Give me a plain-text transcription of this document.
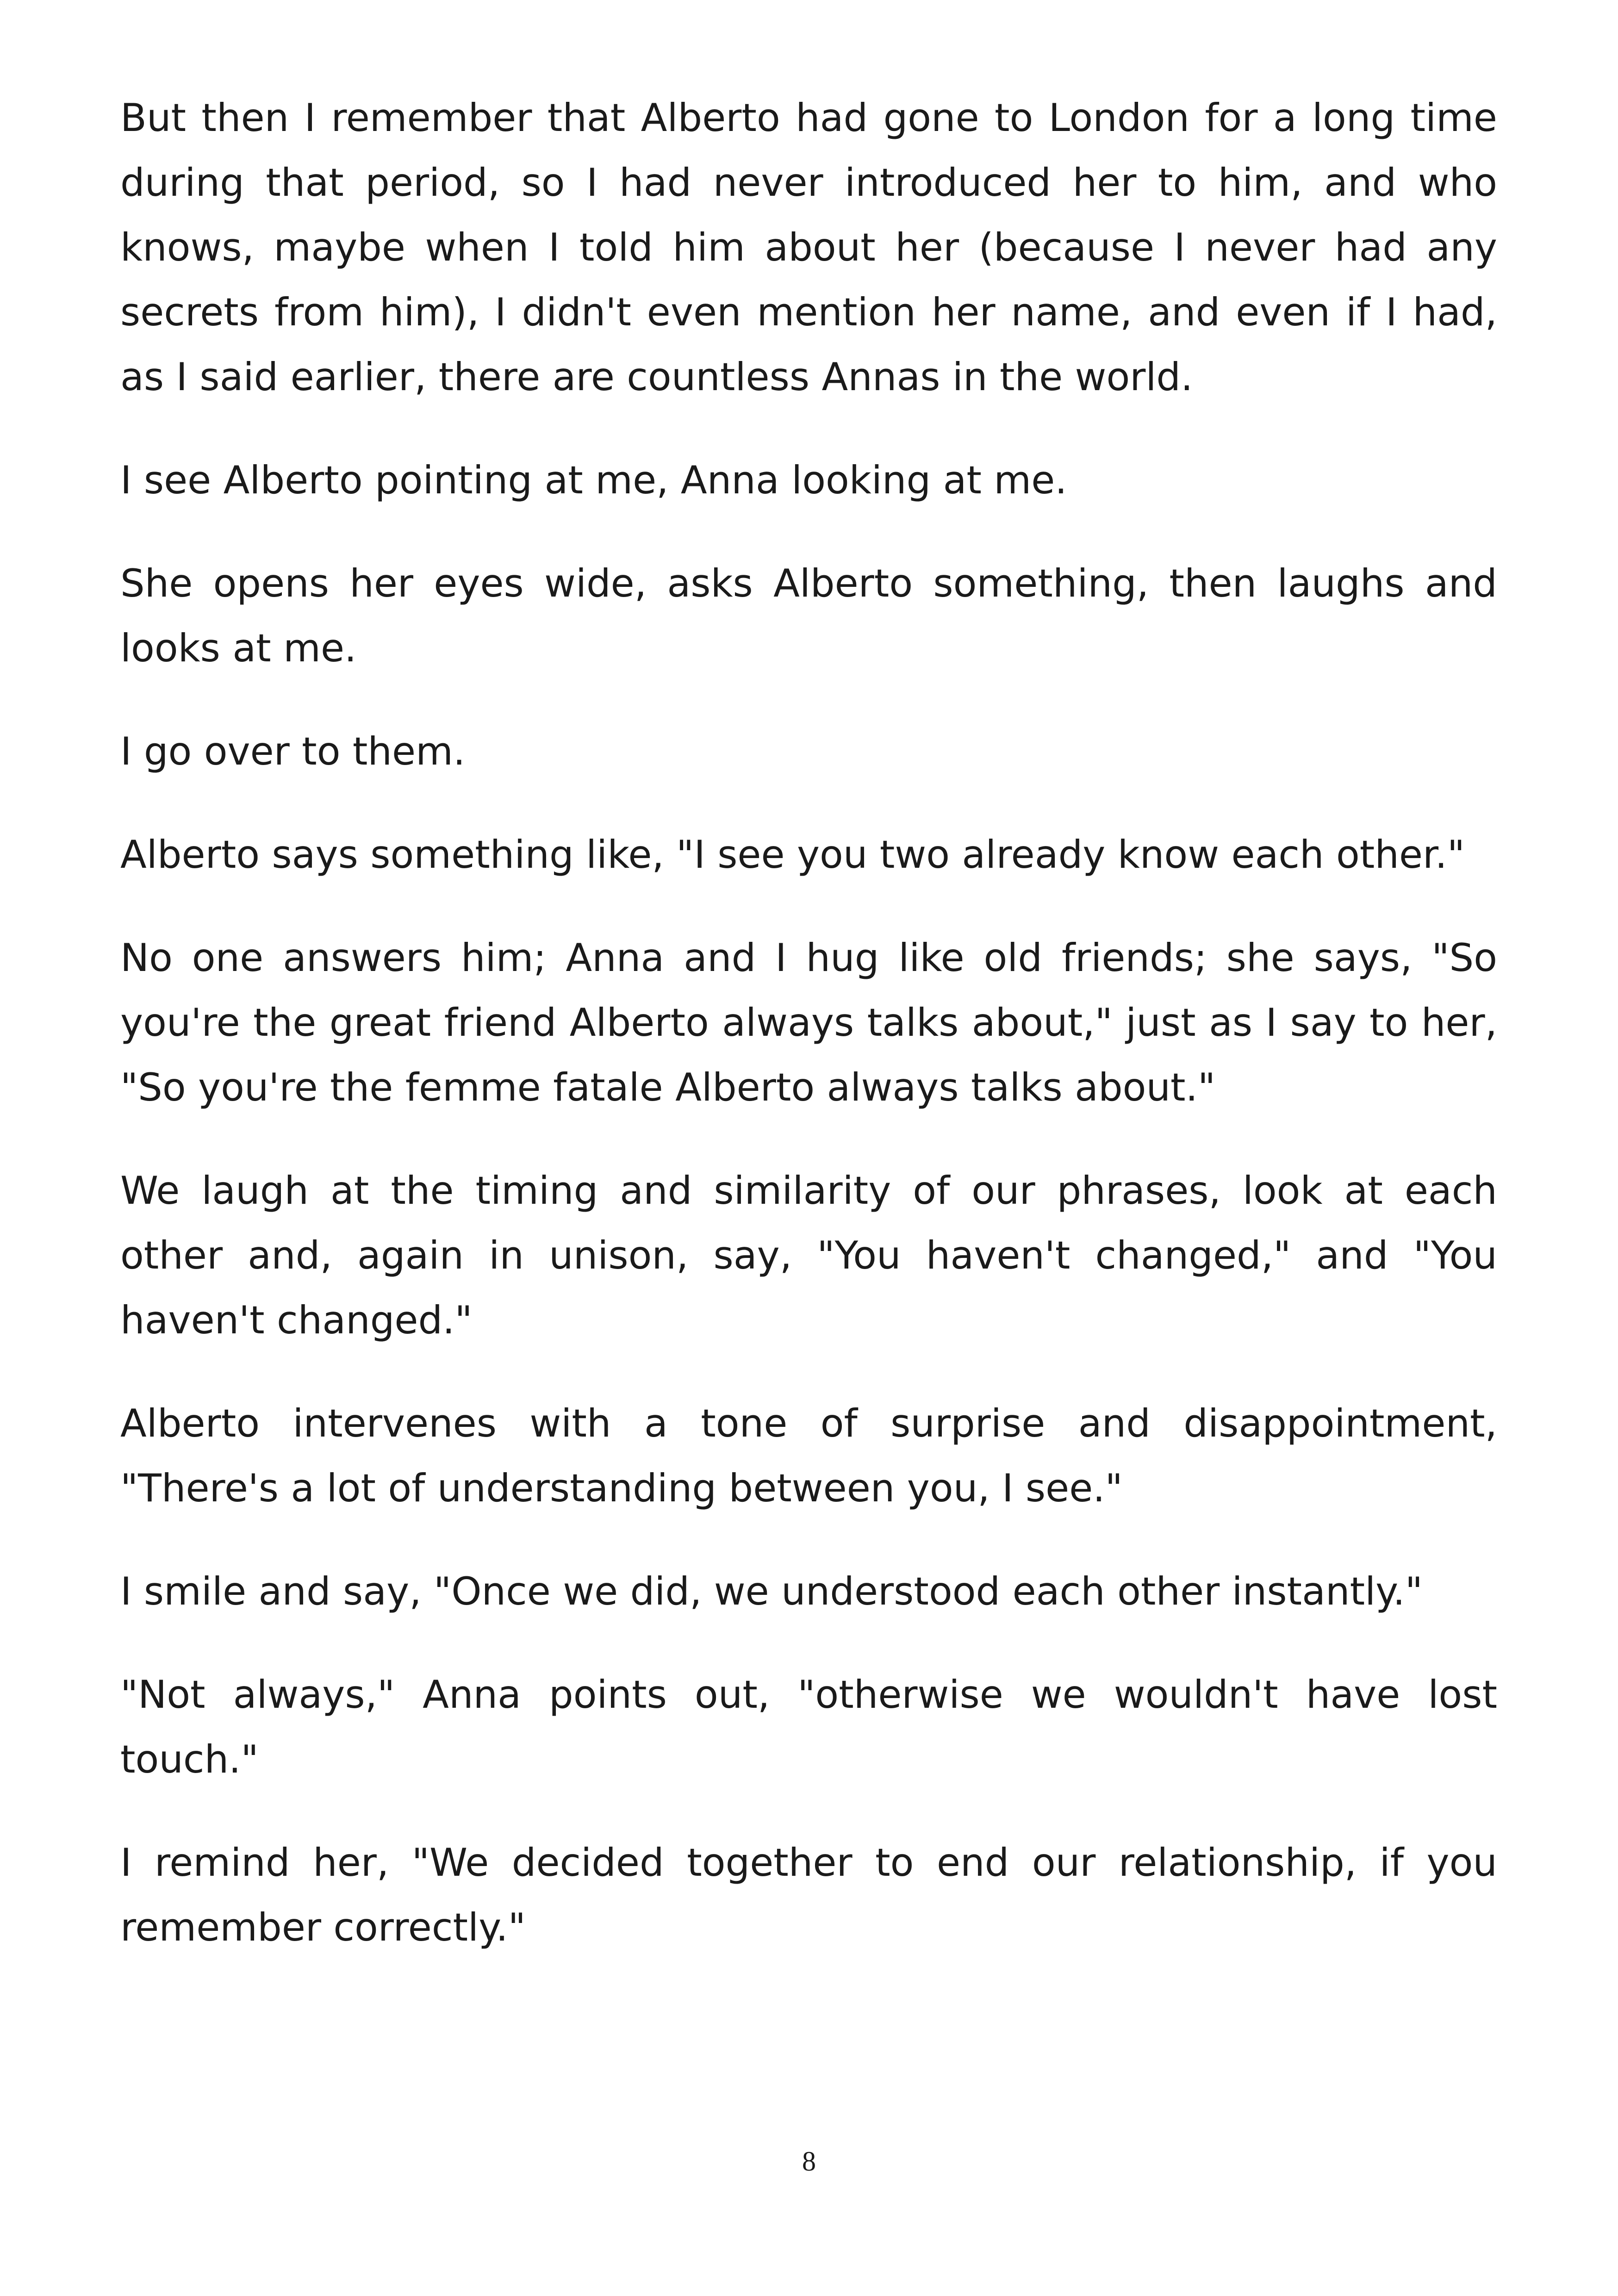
But then I remember that Alberto had gone to London for a long time during that period, so I had never introduced her to him, and who knows, maybe when I told him about her (because I never had any secrets from him), I didn't even mention her name, and even if I had, as I said earlier, there are countless Annas in the world.

I see Alberto pointing at me, Anna looking at me.

She opens her eyes wide, asks Alberto something, then laughs and looks at me.

I go over to them.

Alberto says something like, "I see you two already know each other."

No one answers him; Anna and I hug like old friends; she says, "So you're the great friend Alberto always talks about," just as I say to her, "So you're the femme fatale Alberto always talks about."

We laugh at the timing and similarity of our phrases, look at each other and, again in unison, say, "You haven't changed," and "You haven't changed."

Alberto intervenes with a tone of surprise and disappointment, "There's a lot of understanding between you, I see."

I smile and say, "Once we did, we understood each other instantly."

"Not always," Anna points out, "otherwise we wouldn't have lost touch."

I remind her, "We decided together to end our relationship, if you remember correctly."

8
